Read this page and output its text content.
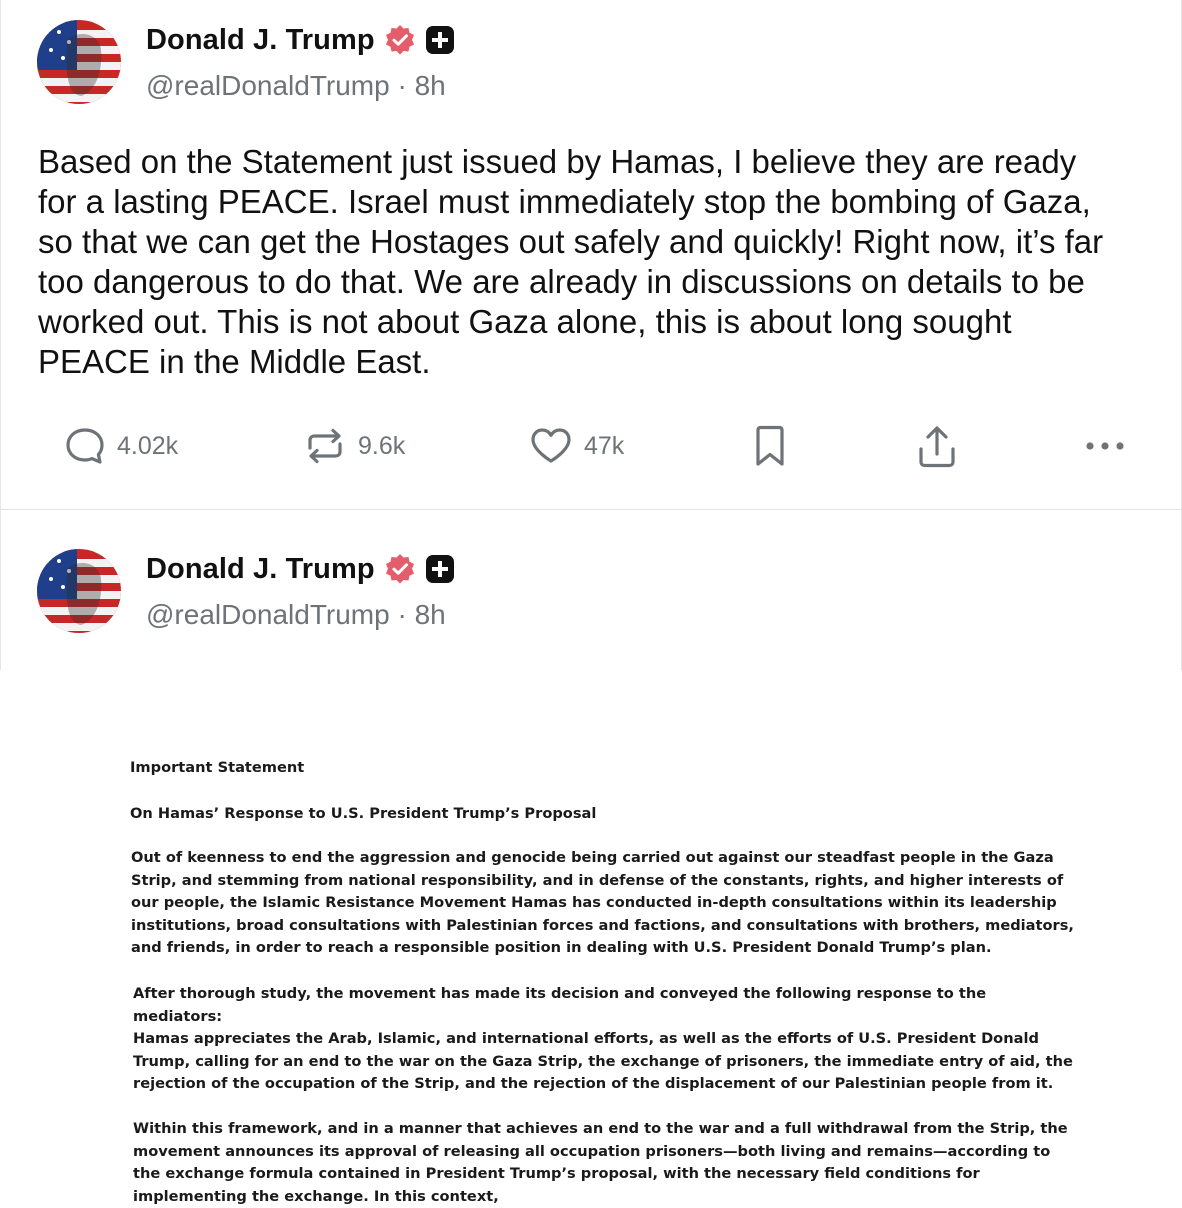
Donald J. Trump
@realDonaldTrump · 8h
Based on the Statement just issued by Hamas, I believe they are ready
for a lasting PEACE. Israel must immediately stop the bombing of Gaza,
so that we can get the Hostages out safely and quickly! Right now, it’s far
too dangerous to do that. We are already in discussions on details to be
worked out. This is not about Gaza alone, this is about long sought
PEACE in the Middle East.
4.02k	9.6k	47k
Donald J. Trump
@realDonaldTrump · 8h

Important Statement

On Hamas’ Response to U.S. President Trump’s Proposal

Out of keenness to end the aggression and genocide being carried out against our steadfast people in the Gaza Strip, and stemming from national responsibility, and in defense of the constants, rights, and higher interests of our people, the Islamic Resistance Movement Hamas has conducted in-depth consultations within its leadership institutions, broad consultations with Palestinian forces and factions, and consultations with brothers, mediators, and friends, in order to reach a responsible position in dealing with U.S. President Donald Trump’s plan.

After thorough study, the movement has made its decision and conveyed the following response to the mediators:

Hamas appreciates the Arab, Islamic, and international efforts, as well as the efforts of U.S. President Donald Trump, calling for an end to the war on the Gaza Strip, the exchange of prisoners, the immediate entry of aid, the rejection of the occupation of the Strip, and the rejection of the displacement of our Palestinian people from it.

Within this framework, and in a manner that achieves an end to the war and a full withdrawal from the Strip, the movement announces its approval of releasing all occupation prisoners—both living and remains—according to the exchange formula contained in President Trump’s proposal, with the necessary field conditions for implementing the exchange. In this context,
